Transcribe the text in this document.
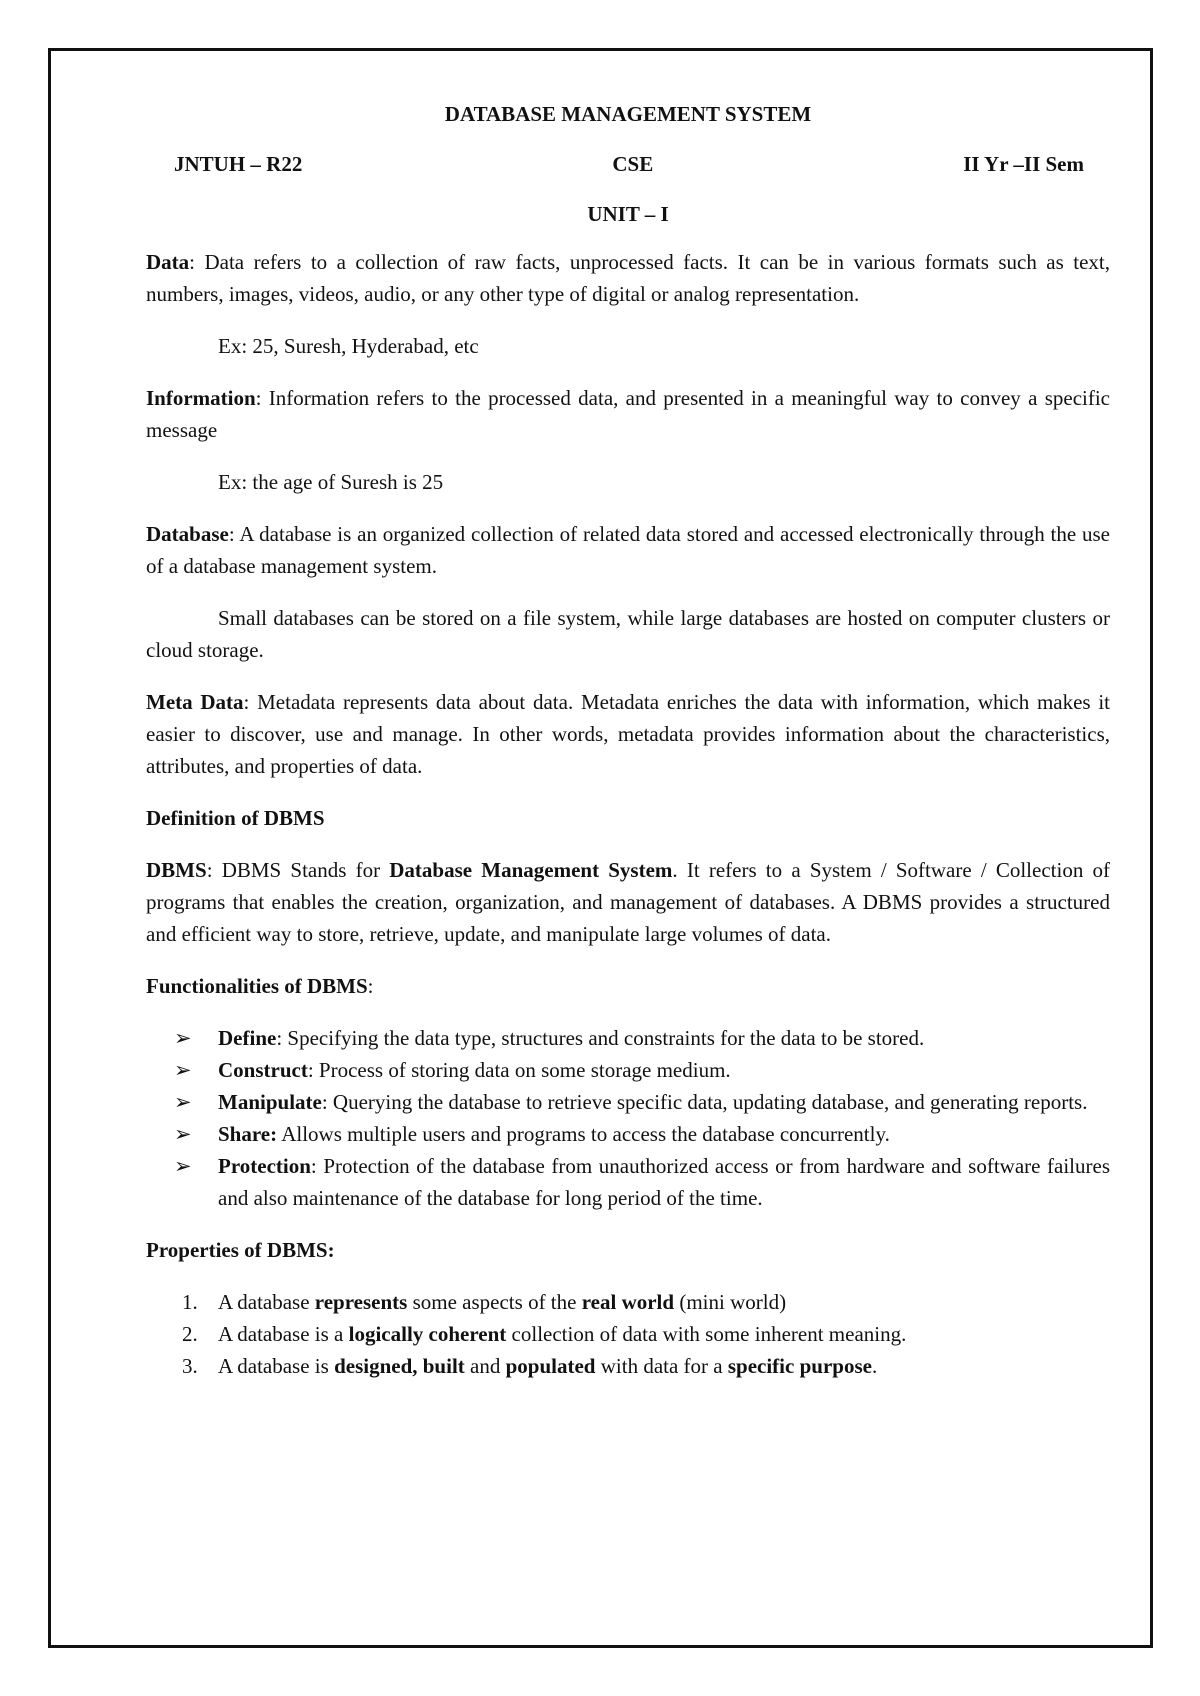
DATABASE MANAGEMENT SYSTEM
JNTUH – R22	CSE	II Yr –II Sem
UNIT – I

Data: Data refers to a collection of raw facts, unprocessed facts. It can be in various formats such as text, numbers, images, videos, audio, or any other type of digital or analog representation.

Ex: 25, Suresh, Hyderabad, etc

Information: Information refers to the processed data, and presented in a meaningful way to convey a specific message

Ex: the age of Suresh is 25

Database: A database is an organized collection of related data stored and accessed electronically through the use of a database management system.

Small databases can be stored on a file system, while large databases are hosted on computer clusters or cloud storage.

Meta Data: Metadata represents data about data. Metadata enriches the data with information, which makes it easier to discover, use and manage. In other words, metadata provides information about the characteristics, attributes, and properties of data.

Definition of DBMS

DBMS: DBMS Stands for Database Management System. It refers to a System / Software / Collection of programs that enables the creation, organization, and management of databases. A DBMS provides a structured and efficient way to store, retrieve, update, and manipulate large volumes of data.

Functionalities of DBMS:
➢	Define: Specifying the data type, structures and constraints for the data to be stored.
➢	Construct: Process of storing data on some storage medium.
➢	Manipulate: Querying the database to retrieve specific data, updating database, and generating reports.
➢	Share: Allows multiple users and programs to access the database concurrently.
➢	Protection: Protection of the database from unauthorized access or from hardware and software failures and also maintenance of the database for long period of the time.
Properties of DBMS:
1. A database represents some aspects of the real world (mini world)
2. A database is a logically coherent collection of data with some inherent meaning.
3. A database is designed, built and populated with data for a specific purpose.
